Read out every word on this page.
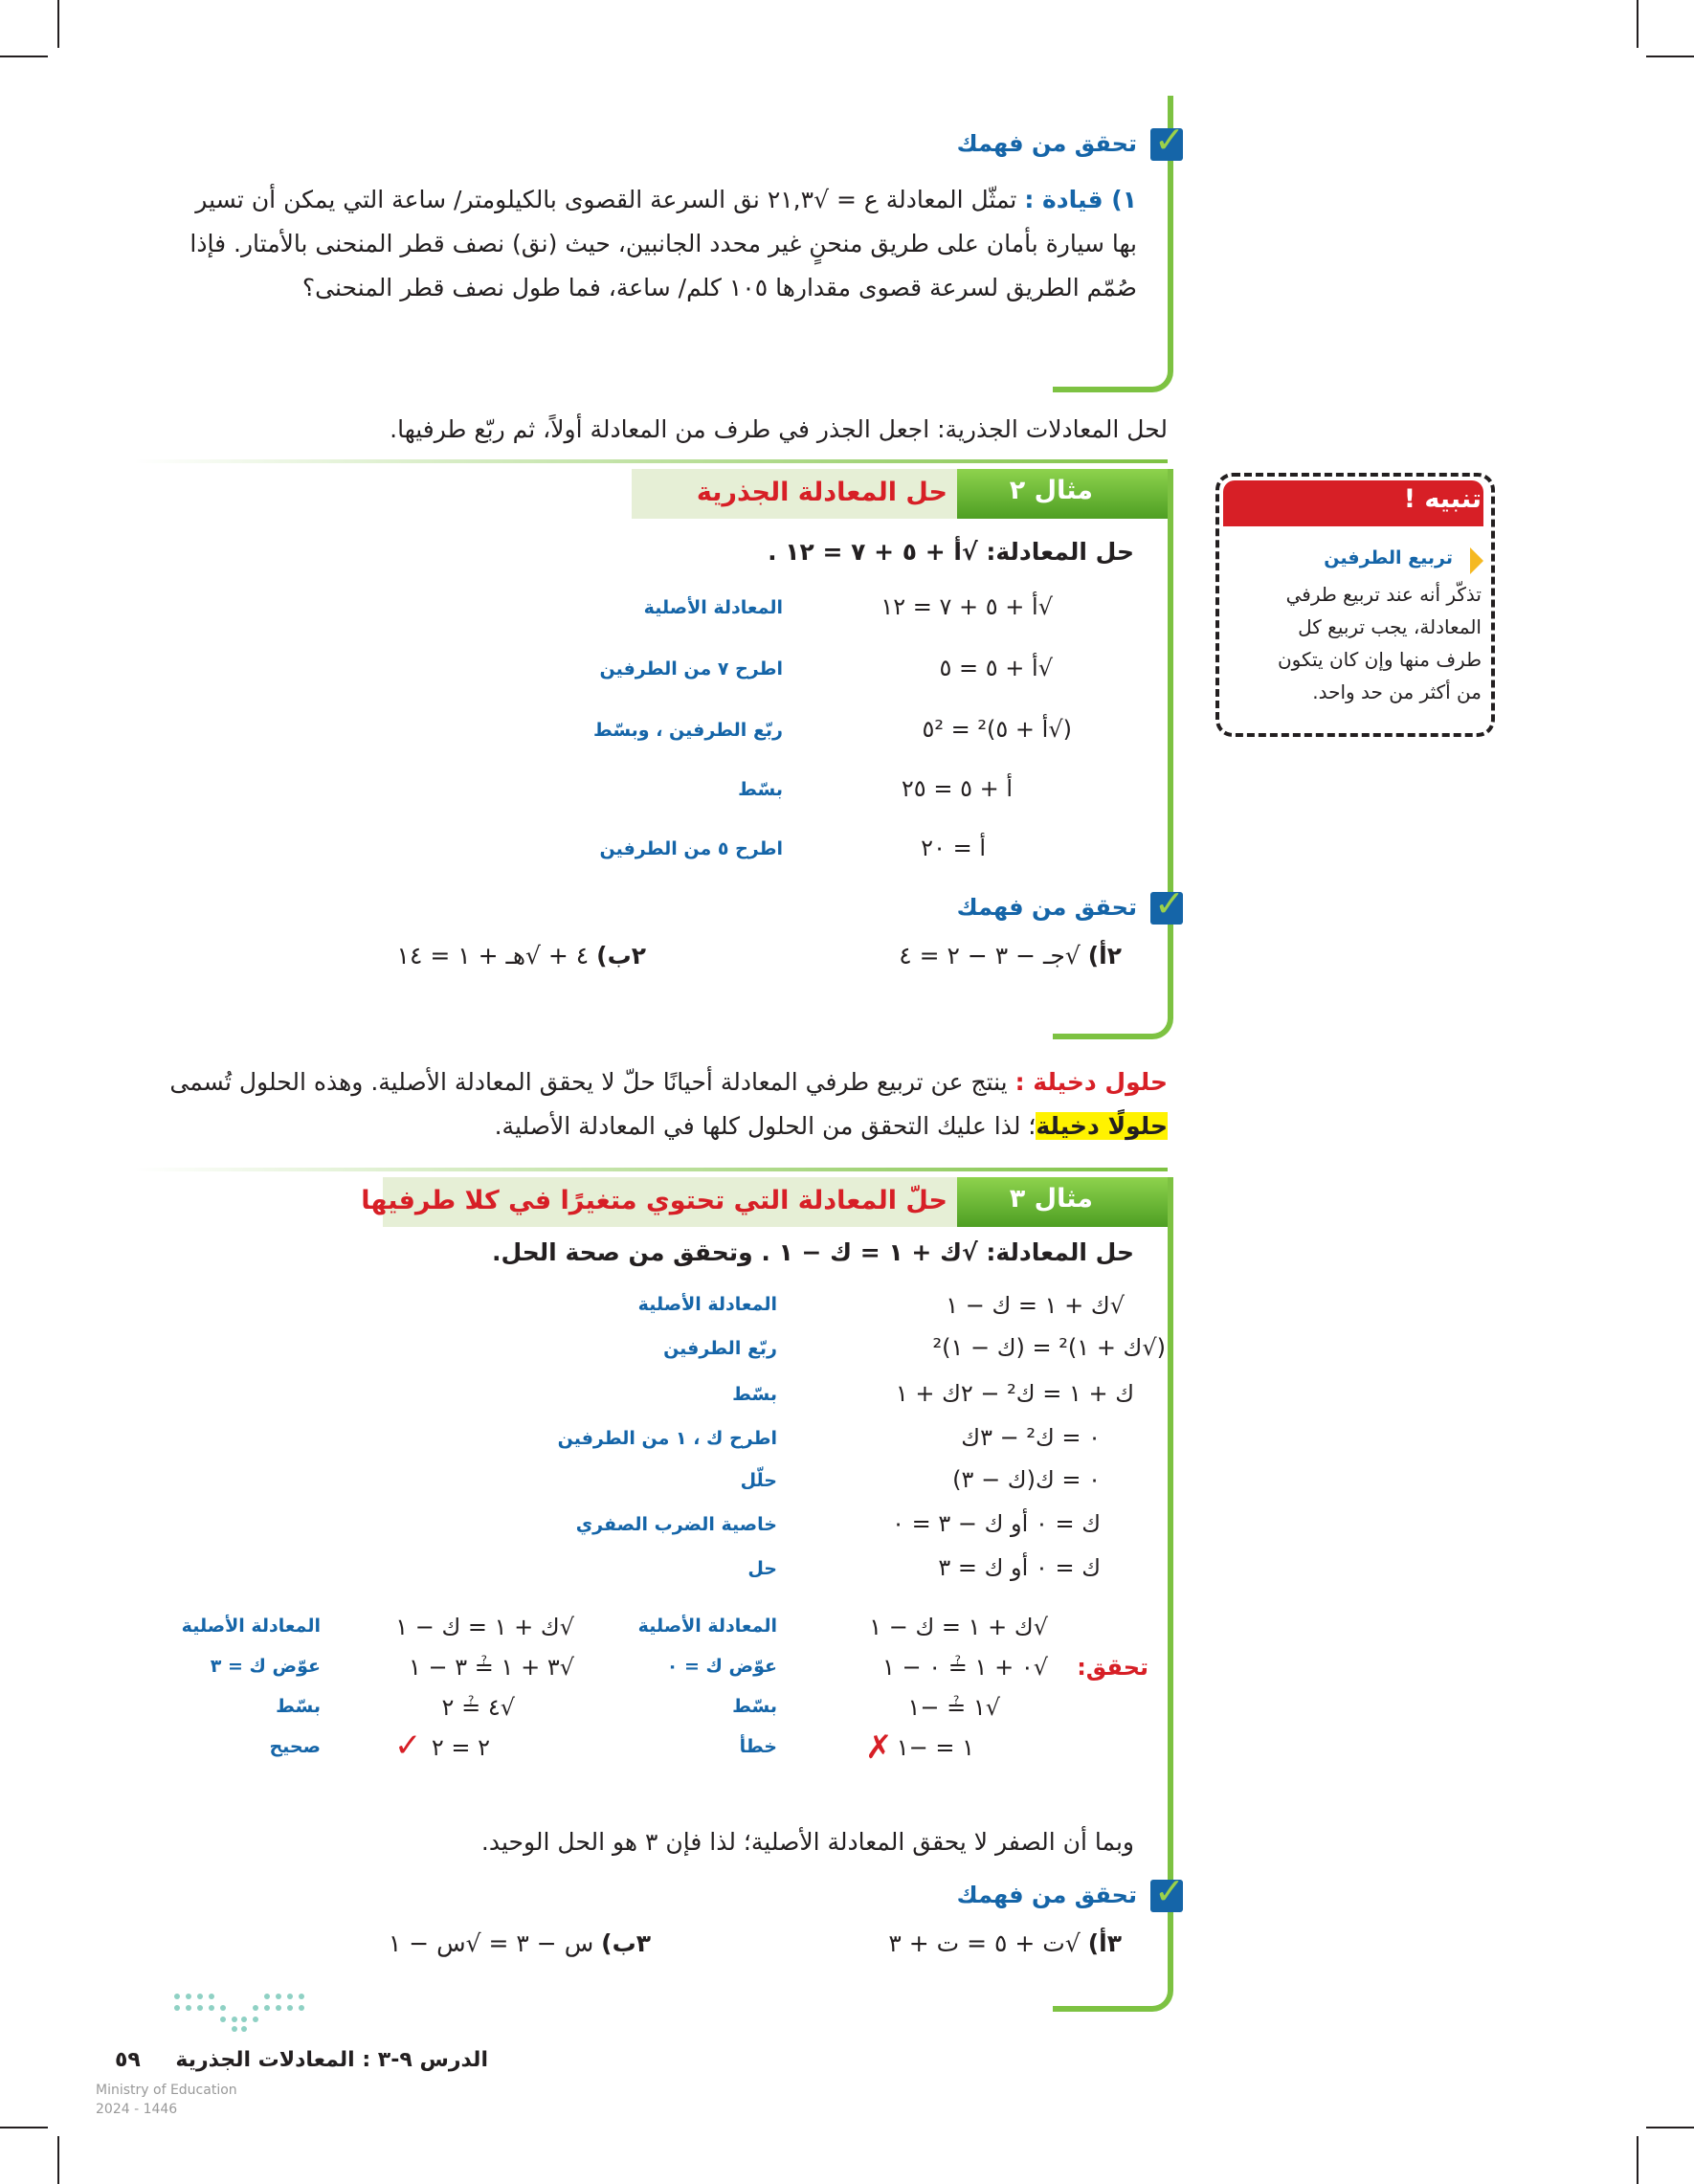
✓
تحقق من فهمك
١) قيادة : تمثّل المعادلة ع = √٢١,٣ نق السرعة القصوى بالكيلومتر/ ساعة التي يمكن أن تسير
بها سيارة بأمان على طريق منحنٍ غير محدد الجانبين، حيث (نق) نصف قطر المنحنى بالأمتار. فإذا
صُمّم الطريق لسرعة قصوى مقدارها ١٠٥ كلم/ ساعة، فما طول نصف قطر المنحنى؟
لحل المعادلات الجذرية: اجعل الجذر في طرف من المعادلة أولاً، ثم ربّع طرفيها.
تنبيه !
تربيع الطرفين
تذكّر أنه عند تربيع طرفي
المعادلة، يجب تربيع كل
طرف منها وإن كان يتكون
من أكثر من حد واحد.
مثال ٢
حل المعادلة الجذرية
حل المعادلة: √أ + ٥ + ٧ = ١٢ .
√أ + ٥ + ٧ = ١٢
المعادلة الأصلية
√أ + ٥ = ٥
اطرح ٧ من الطرفين
(√أ + ٥)² = ٥²
ربّع الطرفين ، وبسّط
أ + ٥ = ٢٥
بسّط
أ = ٢٠
اطرح ٥ من الطرفين
✓
تحقق من فهمك
٢أ) √جـ − ٣ − ٢ = ٤
٢ب) ٤ + √هـ + ١ = ١٤
حلول دخيلة : ينتج عن تربيع طرفي المعادلة أحيانًا حلّ لا يحقق المعادلة الأصلية. وهذه الحلول تُسمى
حلولًا دخيلة؛ لذا عليك التحقق من الحلول كلها في المعادلة الأصلية.
مثال ٣
حلّ المعادلة التي تحتوي متغيرًا في كلا طرفيها
حل المعادلة: √ك + ١ = ك − ١ . وتحقق من صحة الحل.
√ك + ١ = ك − ١
المعادلة الأصلية
(√ك + ١)² = (ك − ١)²
ربّع الطرفين
ك + ١ = ك² − ٢ك + ١
بسّط
٠ = ك² − ٣ك
اطرح ك ، ١ من الطرفين
٠ = ك(ك − ٣)
حلّل
ك = ٠ أو ك − ٣ = ٠
خاصية الضرب الصفري
ك = ٠ أو ك = ٣
حل
تحقق:
√ك + ١ = ك − ١
المعادلة الأصلية
√٠ + ١ ≟ ٠ − ١
عوّض ك = ٠
√١ ≟ −١
بسّط
١ = −١
✗
خطأ
√ك + ١ = ك − ١
المعادلة الأصلية
√٣ + ١ ≟ ٣ − ١
عوّض ك = ٣
√٤ ≟ ٢
بسّط
٢ = ٢
✓
صحيح
وبما أن الصفر لا يحقق المعادلة الأصلية؛ لذا فإن ٣ هو الحل الوحيد.
✓
تحقق من فهمك
٣أ) √ت + ٥ = ت + ٣
٣ب) س − ٣ = √س − ١
الدرس ٩-٣ : المعادلات الجذرية
٥٩
Ministry of Education
2024 - 1446
